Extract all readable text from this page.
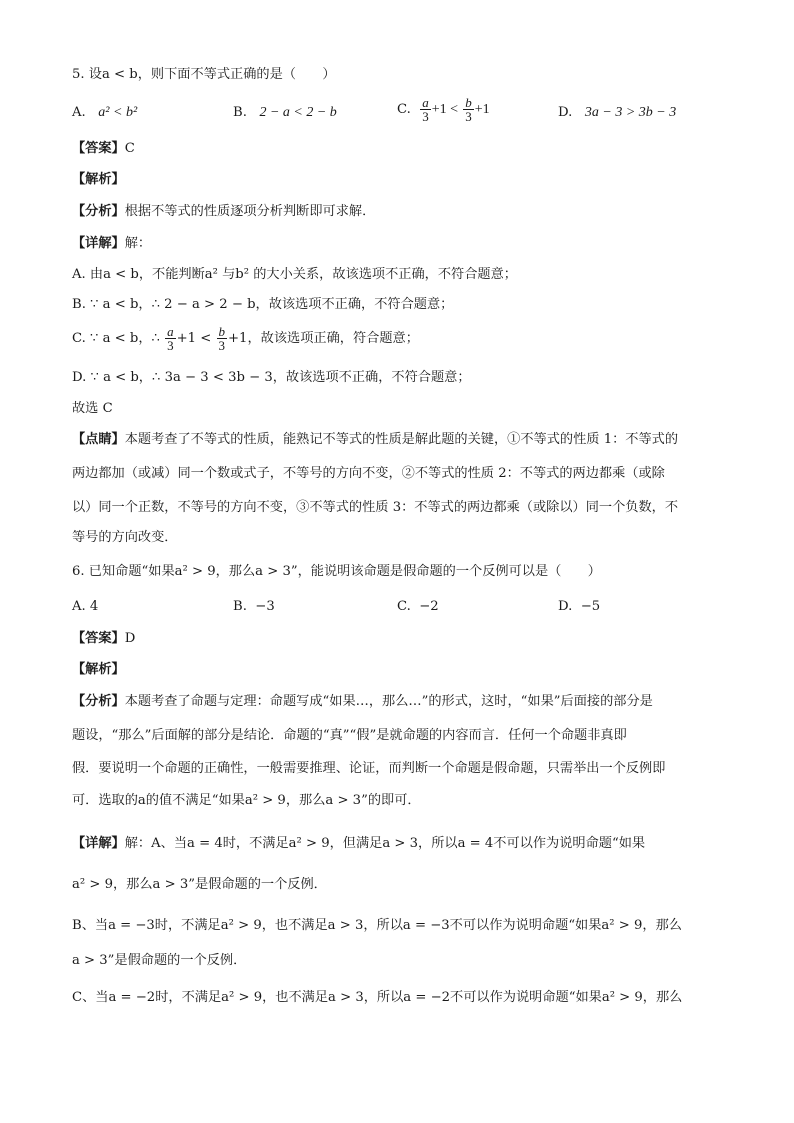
5. 设a < b，则下面不等式正确的是（　　）
A. a² < b²	B. 2 − a < 2 − b	C. $\frac{a}{3} +1 < \frac{b}{3} +1$	D. 3a − 3 > 3b − 3
【答案】C
【解析】
【分析】根据不等式的性质逐项分析判断即可求解．
【详解】解：
A. 由a < b，不能判断a² 与b² 的大小关系，故该选项不正确，不符合题意；
B. ∵ a < b，∴ 2 − a > 2 − b，故该选项不正确，不符合题意；
C. ∵ a < b，∴ $\frac{a}{3} +1 < \frac{b}{3} +1$，故该选项正确，符合题意；
D. ∵ a < b，∴ 3a − 3 < 3b − 3，故该选项不正确，不符合题意；
故选 C
【点睛】本题考查了不等式的性质，能熟记不等式的性质是解此题的关键，①不等式的性质 1：不等式的
两边都加（或减）同一个数或式子，不等号的方向不变，②不等式的性质 2：不等式的两边都乘（或除
以）同一个正数，不等号的方向不变，③不等式的性质 3：不等式的两边都乘（或除以）同一个负数，不
等号的方向改变．
6. 已知命题“如果a² > 9，那么a > 3”，能说明该命题是假命题的一个反例可以是（　　）
A. 4	B. −3	C. −2	D. −5
【答案】D
【解析】
【分析】本题考查了命题与定理：命题写成“如果…，那么…”的形式，这时，“如果”后面接的部分是
题设，“那么”后面解的部分是结论．命题的“真”“假”是就命题的内容而言．任何一个命题非真即
假．要说明一个命题的正确性，一般需要推理、论证，而判断一个命题是假命题，只需举出一个反例即
可．选取的a的值不满足“如果a² > 9，那么a > 3”的即可．
【详解】解：A、当a = 4时，不满足a² > 9，但满足a > 3，所以a = 4不可以作为说明命题“如果
a² > 9，那么a > 3”是假命题的一个反例．
B、当a = −3时，不满足a² > 9，也不满足a > 3，所以a = −3不可以作为说明命题“如果a² > 9，那么
a > 3”是假命题的一个反例．
C、当a = −2时，不满足a² > 9，也不满足a > 3，所以a = −2不可以作为说明命题“如果a² > 9，那么
